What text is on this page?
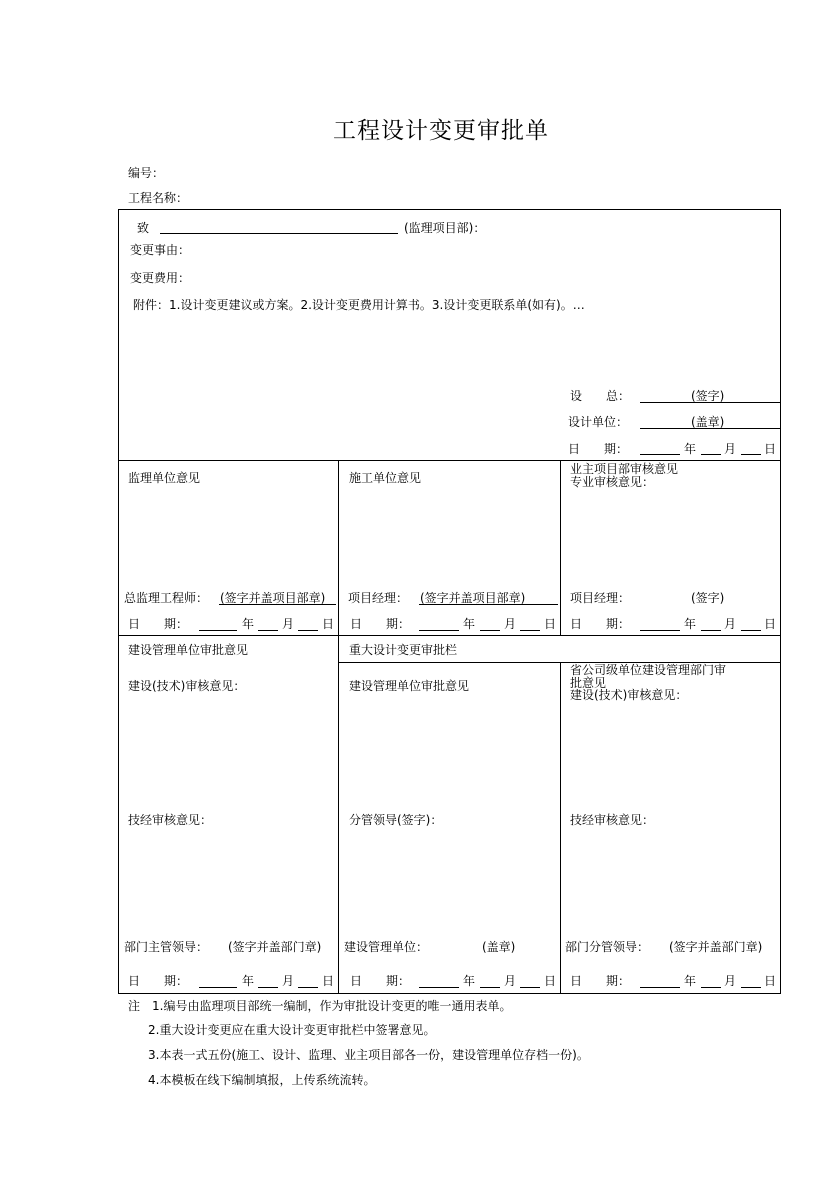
工程设计变更审批单
编号：
工程名称：
致	(监理项目部)：
变更事由：
变更费用：
附件：1.设计变更建议或方案。2.设计变更费用计算书。3.设计变更联系单(如有)。…
设　　总：	(签字)
设计单位：	(盖章)
日　　期：	年 月 日
监理单位意见
总监理工程师： (签字并盖项目部章)
日　　期：	年 月 日
施工单位意见
项目经理： (签字并盖项目部章)
日　　期：	年 月 日
业主项目部审核意见
专业审核意见：
项目经理：	(签字)
日　　期：	年 月 日
建设管理单位审批意见
建设(技术)审核意见：
技经审核意见：
部门主管领导： (签字并盖部门章)
日　　期：	年 月 日
重大设计变更审批栏
建设管理单位审批意见
分管领导(签字)：
建设管理单位：	(盖章)
日　　期：	年 月 日
省公司级单位建设管理部门审
批意见
建设(技术)审核意见：
技经审核意见：
部门分管领导： (签字并盖部门章)
日　　期：	年 月 日
注　1.编号由监理项目部统一编制，作为审批设计变更的唯一通用表单。
2.重大设计变更应在重大设计变更审批栏中签署意见。
3.本表一式五份(施工、设计、监理、业主项目部各一份，建设管理单位存档一份)。
4.本模板在线下编制填报，上传系统流转。
